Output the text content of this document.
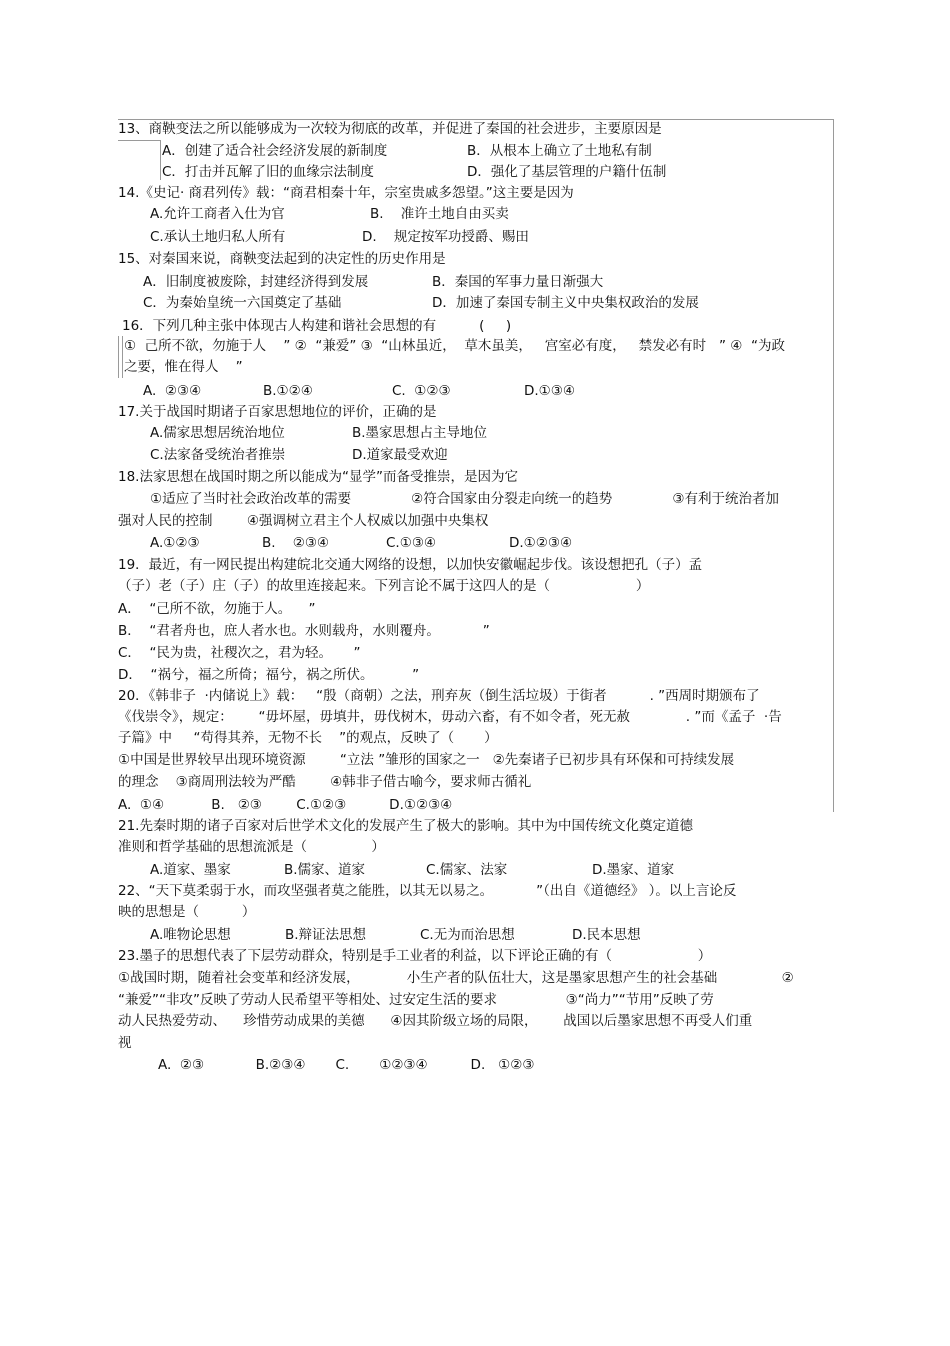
13、商鞅变法之所以能够成为一次较为彻底的改革，并促进了秦国的社会进步，主要原因是
A．创建了适合社会经济发展的新制度	B．从根本上确立了土地私有制
C．打击并瓦解了旧的血缘宗法制度	D．强化了基层管理的户籍什伍制
14.《史记· 商君列传》载：“商君相秦十年，宗室贵戚多怨望。”这主要是因为
A.允许工商者入仕为官	B.    准许土地自由买卖
C.承认土地归私人所有	D.    规定按军功授爵、赐田
15、对秦国来说，商鞅变法起到的决定性的历史作用是
A．旧制度被废除，封建经济得到发展	B．秦国的军事力量日渐强大
C．为秦始皇统一六国奠定了基础	D．加速了秦国专制主义中央集权政治的发展
16．下列几种主张中体现古人构建和谐社会思想的有          (     )
①  己所不欲，勿施于人    ” ②  “兼爱” ③  “山林虽近，  草木虽美，   宫室必有度，   禁发必有时   ” ④  “为政
之要，惟在得人    ”
A.  ②③④	B.①②④	C.  ①②③	D.①③④
17.关于战国时期诸子百家思想地位的评价，正确的是
A.儒家思想居统治地位	B.墨家思想占主导地位
C.法家备受统治者推崇	D.道家最受欢迎
18.法家思想在战国时期之所以能成为“显学”而备受推崇，是因为它
①适应了当时社会政治改革的需要              ②符合国家由分裂走向统一的趋势              ③有利于统治者加
强对人民的控制        ④强调树立君主个人权威以加强中央集权
A.①②③	B.    ②③④	C.①③④	D.①②③④
19．最近，有一网民提出构建皖北交通大网络的设想，以加快安徽崛起步伐。该设想把孔（子）孟
（子）老（子）庄（子）的故里连接起来。下列言论不属于这四人的是（                    ）
A．  “己所不欲，勿施于人。    ”
B．  “君者舟也，庶人者水也。水则载舟，水则覆舟。          ”
C．  “民为贵，社稷次之，君为轻。     ”
D．  “祸兮，福之所倚；福兮，祸之所伏。         ”
20．《韩非子  ·内储说上》载：   “殷（商朝）之法，刑弃灰（倒生活垃圾）于街者          . ”西周时期颁布了
《伐崇令》，规定：      “毋坏屋，毋填井，毋伐树木，毋动六畜，有不如令者，死无赦             . ”而《孟子  ·告
子篇》中     “苟得其养，无物不长    ”的观点，反映了（       ）
①中国是世界较早出现环境资源        “立法 ”雏形的国家之一   ②先秦诸子已初步具有环保和可持续发展
的理念    ③商周刑法较为严酷        ④韩非子借古喻今，要求师古循礼
A.  ①④           B.   ②③        C.①②③          D.①②③④
21.先秦时期的诸子百家对后世学术文化的发展产生了极大的影响。其中为中国传统文化奠定道德
准则和哲学基础的思想流派是（               ）
A.道家、墨家	B.儒家、道家	C.儒家、法家	D.墨家、道家
22、“天下莫柔弱于水，而攻坚强者莫之能胜，以其无以易之。          ”（出自《道德经》 ）。以上言论反
映的思想是（          ）
A.唯物论思想	B.辩证法思想	C.无为而治思想	D.民本思想
23.墨子的思想代表了下层劳动群众，特别是手工业者的利益，以下评论正确的有（                    ）
①战国时期，随着社会变革和经济发展，           小生产者的队伍壮大，这是墨家思想产生的社会基础               ②
“兼爱”“非攻”反映了劳动人民希望平等相处、过安定生活的要求                ③“尚力”“节用”反映了劳
动人民热爱劳动、    珍惜劳动成果的美德      ④因其阶级立场的局限，      战国以后墨家思想不再受人们重
视
A.  ②③            B.②③④       C.       ①②③④          D.   ①②③
